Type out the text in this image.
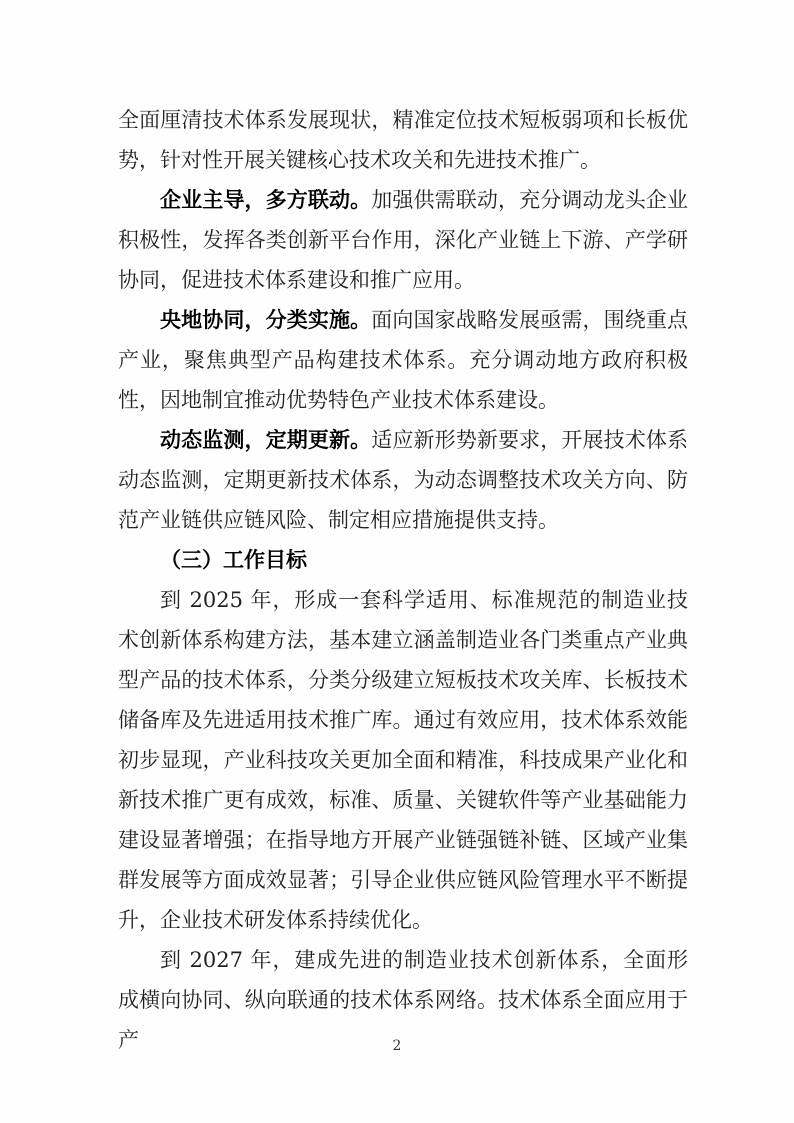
全面厘清技术体系发展现状，精准定位技术短板弱项和长板优势，针对性开展关键核心技术攻关和先进技术推广。

企业主导，多方联动。加强供需联动，充分调动龙头企业积极性，发挥各类创新平台作用，深化产业链上下游、产学研协同，促进技术体系建设和推广应用。

央地协同，分类实施。面向国家战略发展亟需，围绕重点产业，聚焦典型产品构建技术体系。充分调动地方政府积极性，因地制宜推动优势特色产业技术体系建设。

动态监测，定期更新。适应新形势新要求，开展技术体系动态监测，定期更新技术体系，为动态调整技术攻关方向、防范产业链供应链风险、制定相应措施提供支持。

（三）工作目标

到 2025 年，形成一套科学适用、标准规范的制造业技术创新体系构建方法，基本建立涵盖制造业各门类重点产业典型产品的技术体系，分类分级建立短板技术攻关库、长板技术储备库及先进适用技术推广库。通过有效应用，技术体系效能初步显现，产业科技攻关更加全面和精准，科技成果产业化和新技术推广更有成效，标准、质量、关键软件等产业基础能力建设显著增强；在指导地方开展产业链强链补链、区域产业集群发展等方面成效显著；引导企业供应链风险管理水平不断提升，企业技术研发体系持续优化。

到 2027 年，建成先进的制造业技术创新体系，全面形成横向协同、纵向联通的技术体系网络。技术体系全面应用于产	2
